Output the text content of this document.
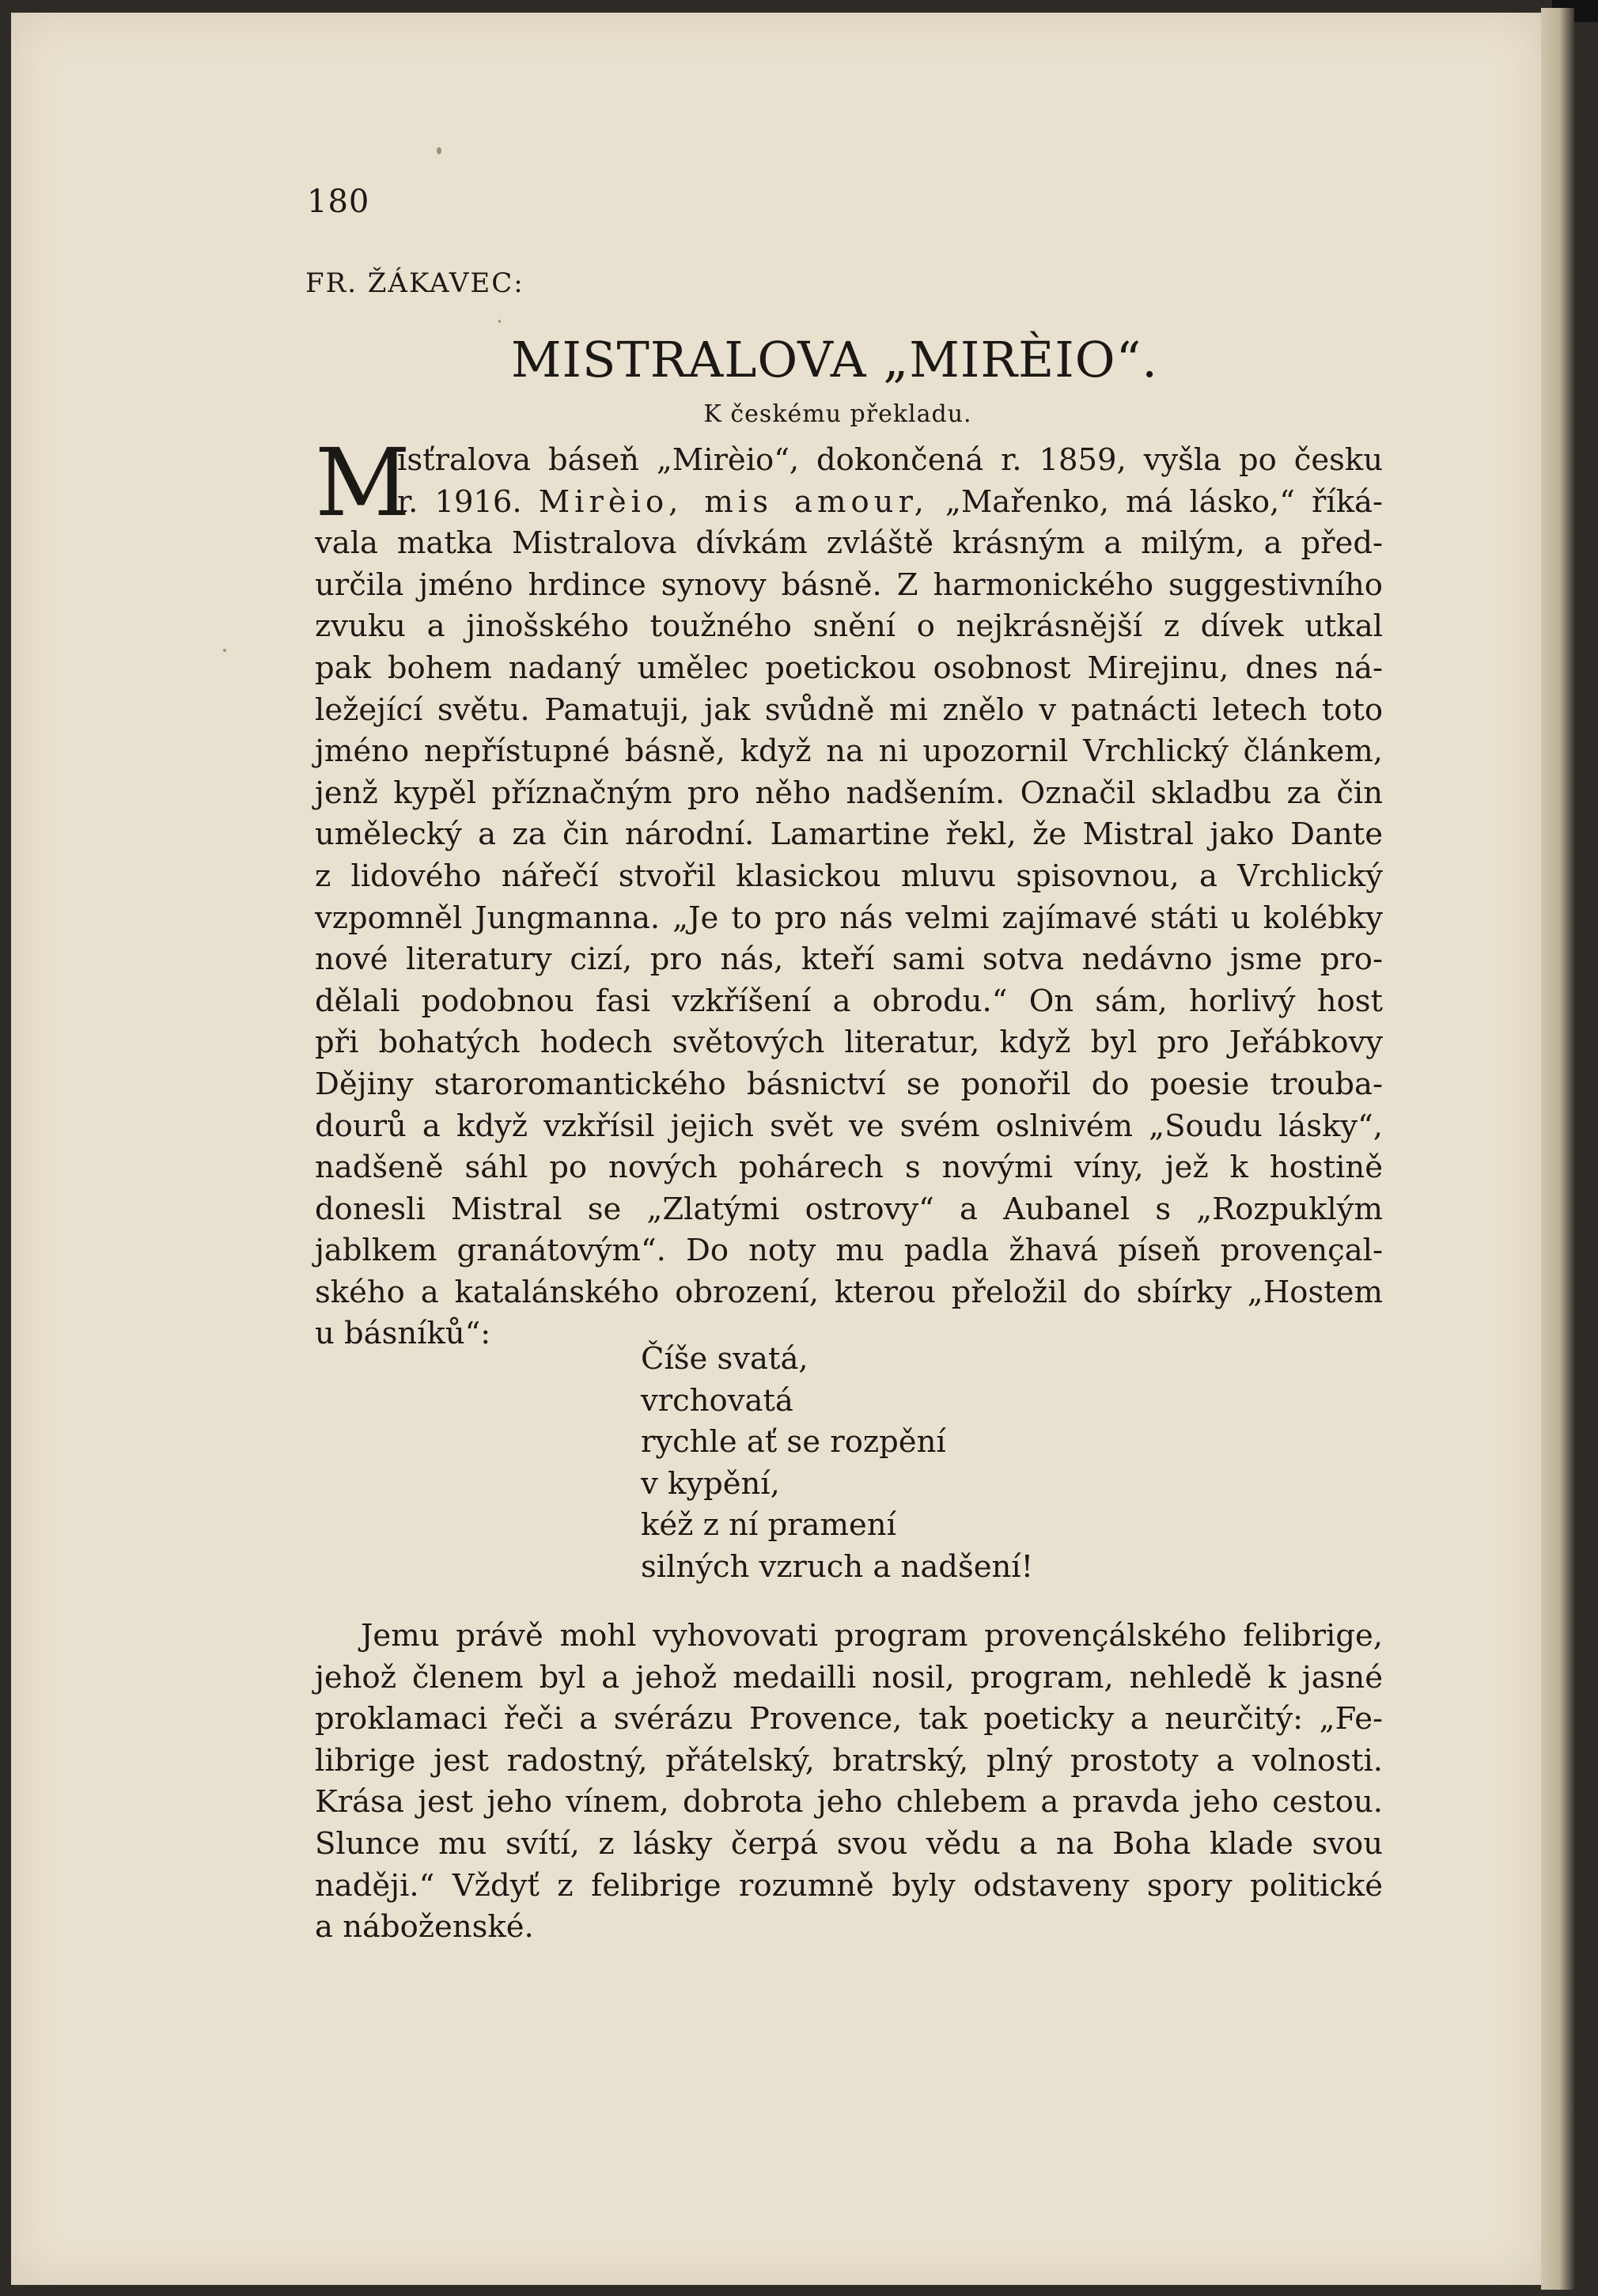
180
FR. ŽÁKAVEC:
MISTRALOVA „MIRÈIO“.
K českému překladu.
M
isťralova báseň „Mirèio“, dokončená r. 1859, vyšla po česku
r. 1916. Mirèio, mis amour, „Mařenko, má lásko,“ říká-
vala matka Mistralova dívkám zvláště krásným a milým, a před-
určila jméno hrdince synovy básně. Z harmonického suggestivního
zvuku a jinošského toužného snění o nejkrásnější z dívek utkal
pak bohem nadaný umělec poetickou osobnost Mirejinu, dnes ná-
ležející světu. Pamatuji, jak svůdně mi znělo v patnácti letech toto
jméno nepřístupné básně, když na ni upozornil Vrchlický článkem,
jenž kypěl příznačným pro něho nadšením. Označil skladbu za čin
umělecký a za čin národní. Lamartine řekl, že Mistral jako Dante
z lidového nářečí stvořil klasickou mluvu spisovnou, a Vrchlický
vzpomněl Jungmanna. „Je to pro nás velmi zajímavé státi u kolébky
nové literatury cizí, pro nás, kteří sami sotva nedávno jsme pro-
dělali podobnou fasi vzkříšení a obrodu.“ On sám, horlivý host
při bohatých hodech světových literatur, když byl pro Jeřábkovy
Dějiny staroromantického básnictví se ponořil do poesie trouba-
dourů a když vzkřísil jejich svět ve svém oslnivém „Soudu lásky“,
nadšeně sáhl po nových pohárech s novými víny, jež k hostině
donesli Mistral se „Zlatými ostrovy“ a Aubanel s „Rozpuklým
jablkem granátovým“. Do noty mu padla žhavá píseň provençal-
ského a katalánského obrození, kterou přeložil do sbírky „Hostem
u básníků“:
Číše svatá,
vrchovatá
rychle ať se rozpění
v kypění,
kéž z ní pramení
silných vzruch a nadšení!
Jemu právě mohl vyhovovati program provençálského felibrige,
jehož členem byl a jehož medailli nosil, program, nehledě k jasné
proklamaci řeči a svérázu Provence, tak poeticky a neurčitý: „Fe-
librige jest radostný, přátelský, bratrský, plný prostoty a volnosti.
Krása jest jeho vínem, dobrota jeho chlebem a pravda jeho cestou.
Slunce mu svítí, z lásky čerpá svou vědu a na Boha klade svou
naději.“ Vždyť z felibrige rozumně byly odstaveny spory politické
a náboženské.
